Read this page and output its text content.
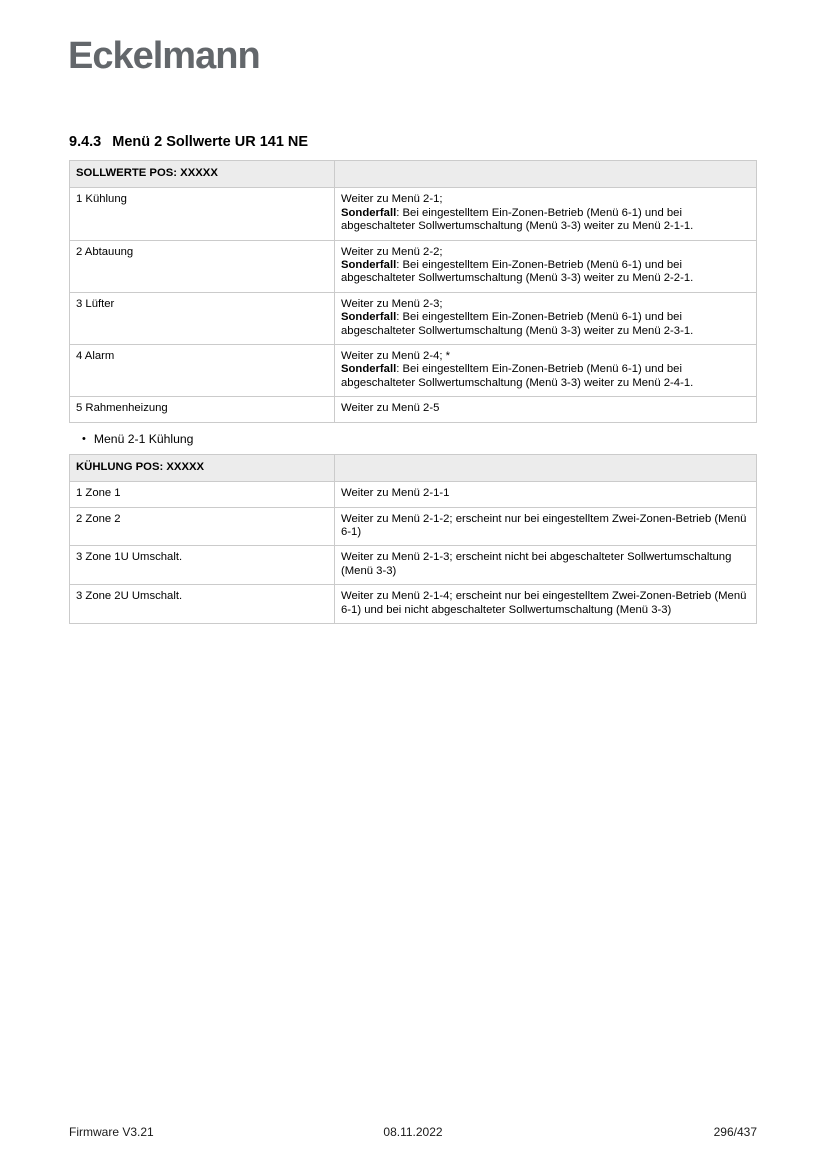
Eckelmann
9.4.3 Menü 2 Sollwerte UR 141 NE
SOLLWERTE POS: XXXXX	
1 Kühlung	Weiter zu Menü 2-1;
Sonderfall: Bei eingestelltem Ein-Zonen-Betrieb (Menü 6-1) und bei abgeschalteter Sollwertumschaltung (Menü 3-3) weiter zu Menü 2-1-1.

2 Abtauung	Weiter zu Menü 2-2;
Sonderfall: Bei eingestelltem Ein-Zonen-Betrieb (Menü 6-1) und bei abgeschalteter Sollwertumschaltung (Menü 3-3) weiter zu Menü 2-2-1.

3 Lüfter	Weiter zu Menü 2-3;
Sonderfall: Bei eingestelltem Ein-Zonen-Betrieb (Menü 6-1) und bei abgeschalteter Sollwertumschaltung (Menü 3-3) weiter zu Menü 2-3-1.

4 Alarm	Weiter zu Menü 2-4; *
Sonderfall: Bei eingestelltem Ein-Zonen-Betrieb (Menü 6-1) und bei abgeschalteter Sollwertumschaltung (Menü 3-3) weiter zu Menü 2-4-1.

5 Rahmenheizung	Weiter zu Menü 2-5
• Menü 2-1 Kühlung
KÜHLUNG POS: XXXXX	
1 Zone 1	Weiter zu Menü 2-1-1
2 Zone 2	Weiter zu Menü 2-1-2; erscheint nur bei eingestelltem Zwei-Zonen-Betrieb (Menü 6-1)
3 Zone 1U Umschalt.	Weiter zu Menü 2-1-3; erscheint nicht bei abgeschalteter Sollwertumschaltung (Menü 3-3)
3 Zone 2U Umschalt.	Weiter zu Menü 2-1-4; erscheint nur bei eingestelltem Zwei-Zonen-Betrieb (Menü 6-1) und bei nicht abgeschalteter Sollwertumschaltung (Menü 3-3)
Firmware V3.21	08.11.2022	296/437
